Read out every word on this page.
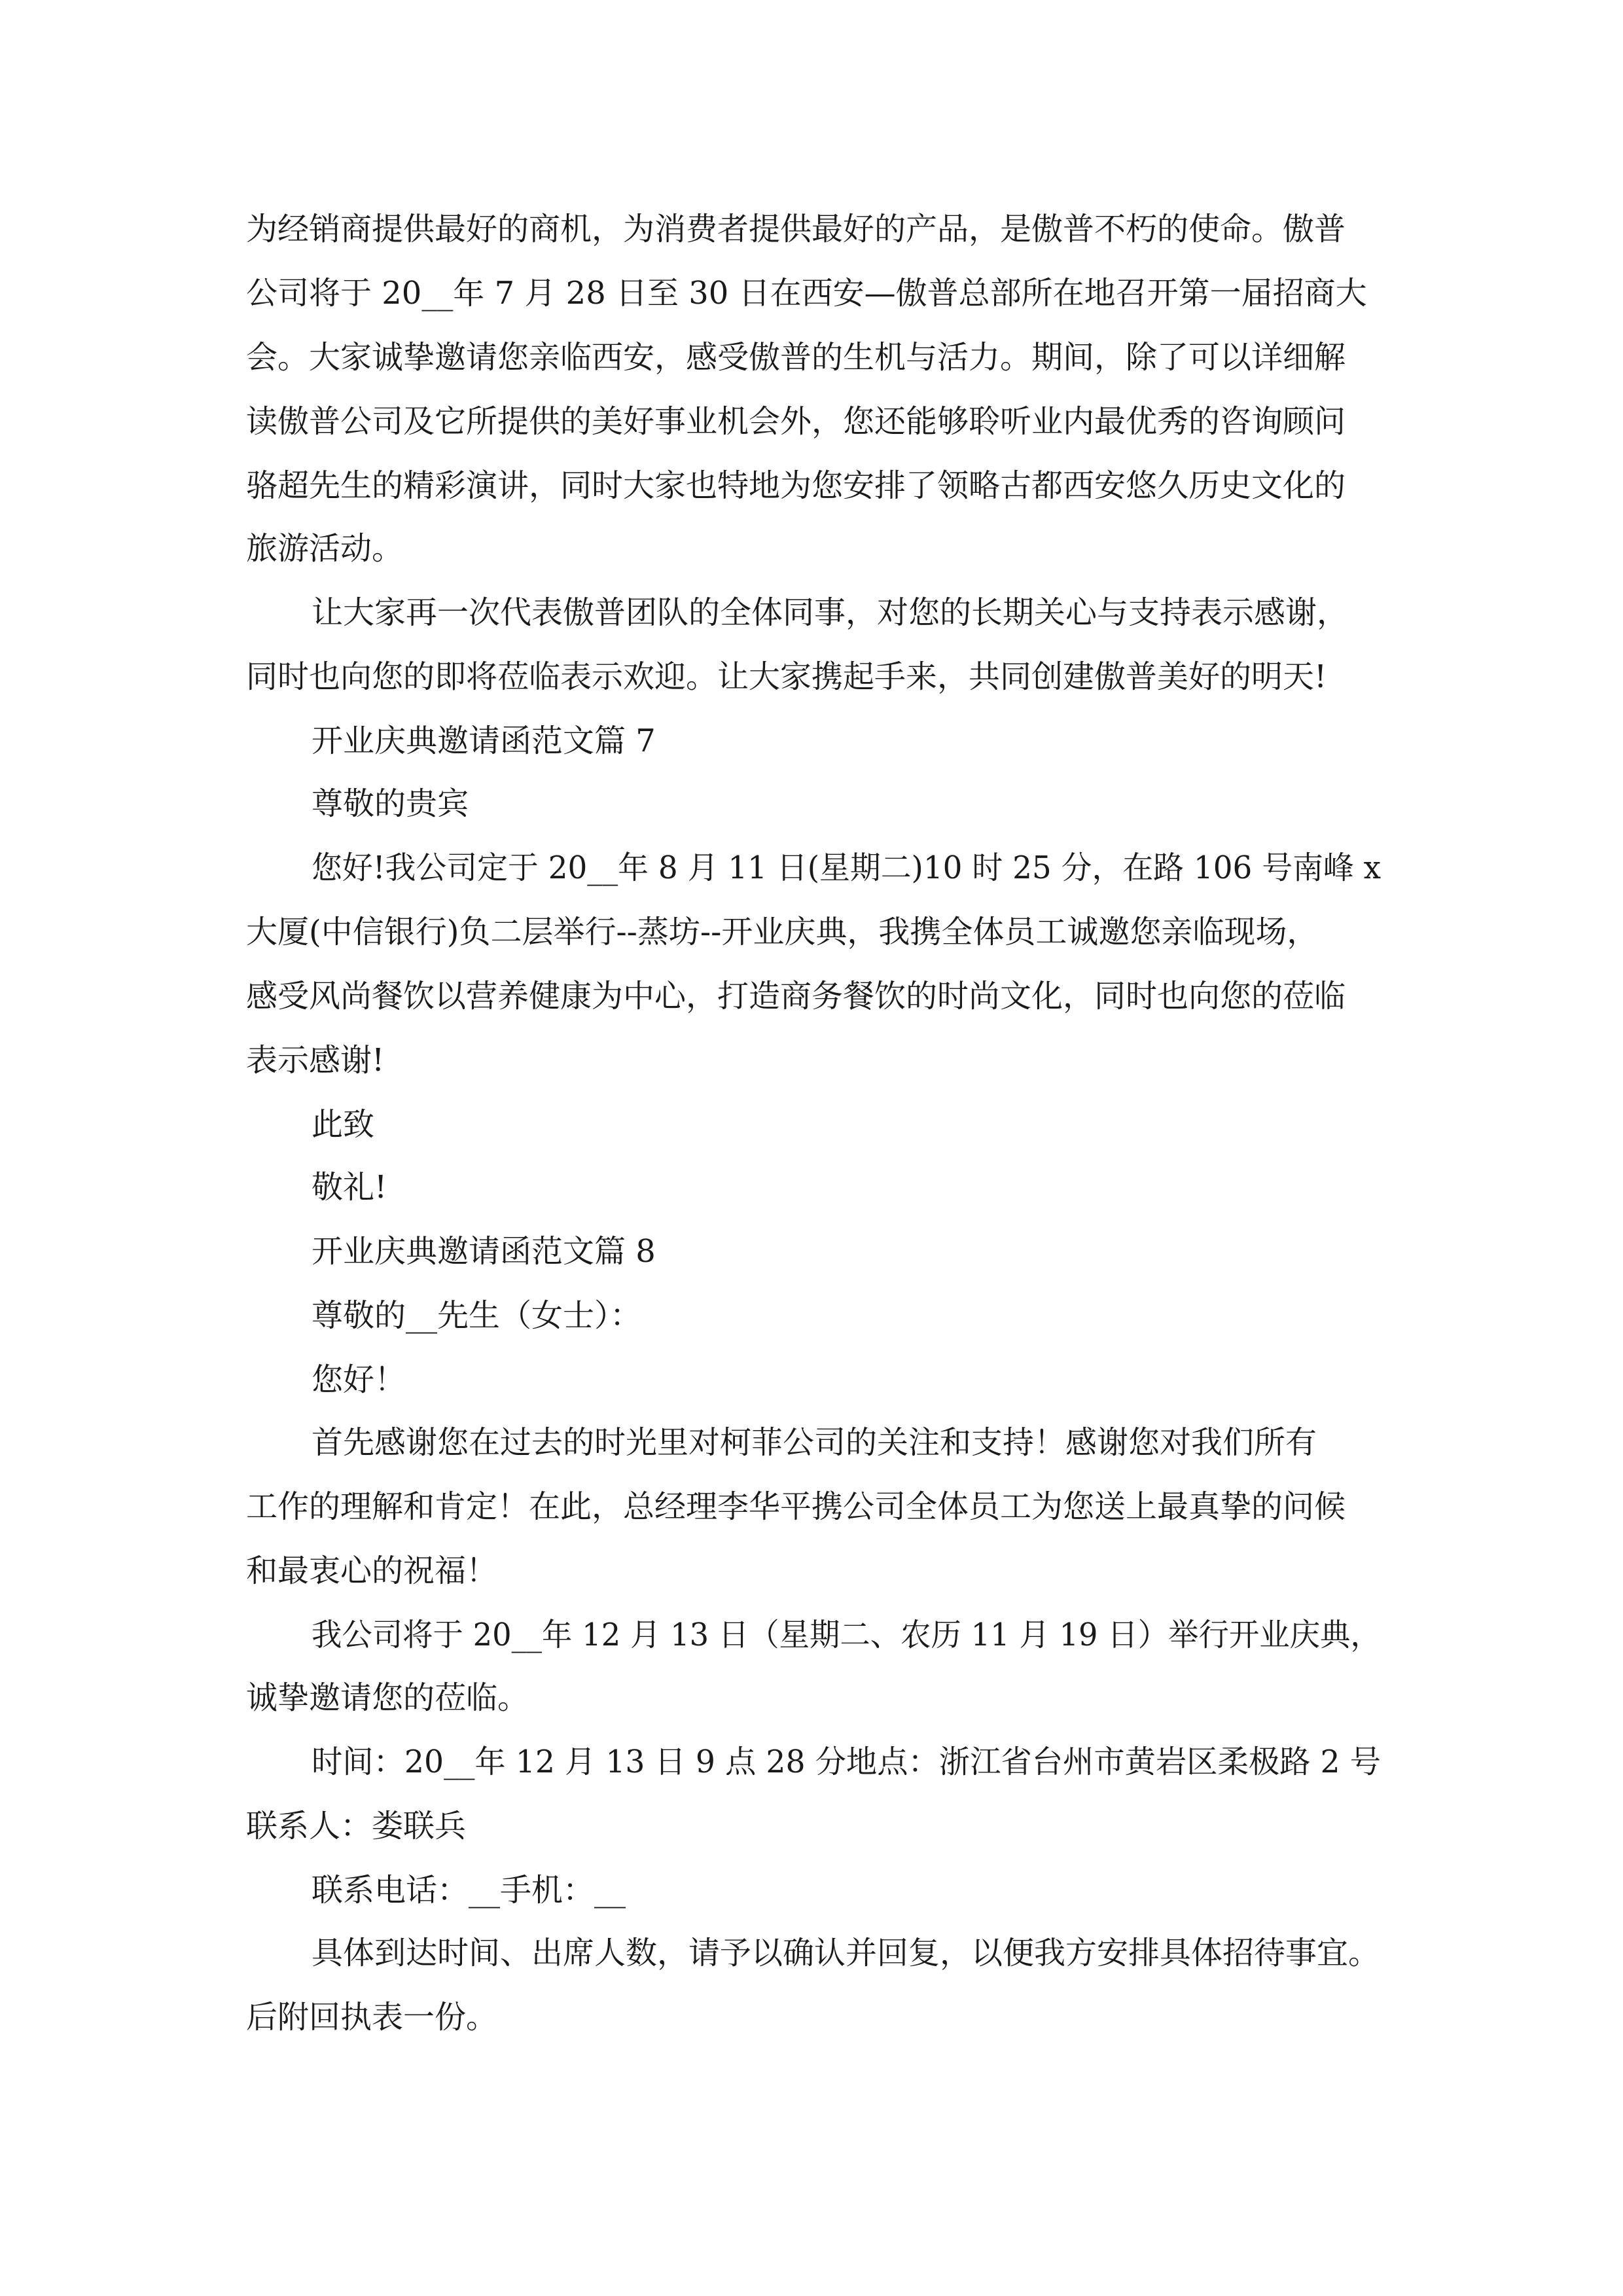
为经销商提供最好的商机，为消费者提供最好的产品，是傲普不朽的使命。傲普
公司将于 20__年 7 月 28 日至 30 日在西安—傲普总部所在地召开第一届招商大
会。大家诚挚邀请您亲临西安，感受傲普的生机与活力。期间，除了可以详细解
读傲普公司及它所提供的美好事业机会外，您还能够聆听业内最优秀的咨询顾问
骆超先生的精彩演讲，同时大家也特地为您安排了领略古都西安悠久历史文化的
旅游活动。
让大家再一次代表傲普团队的全体同事，对您的长期关心与支持表示感谢，
同时也向您的即将莅临表示欢迎。让大家携起手来，共同创建傲普美好的明天!
开业庆典邀请函范文篇 7
尊敬的贵宾
您好!我公司定于 20__年 8 月 11 日(星期二)10 时 25 分，在路 106 号南峰 x
大厦(中信银行)负二层举行--蒸坊--开业庆典，我携全体员工诚邀您亲临现场，
感受风尚餐饮以营养健康为中心，打造商务餐饮的时尚文化，同时也向您的莅临
表示感谢!
此致
敬礼!
开业庆典邀请函范文篇 8
尊敬的__先生（女士）：
您好！
首先感谢您在过去的时光里对柯菲公司的关注和支持！感谢您对我们所有
工作的理解和肯定！在此，总经理李华平携公司全体员工为您送上最真挚的问候
和最衷心的祝福！
我公司将于 20__年 12 月 13 日（星期二、农历 11 月 19 日）举行开业庆典，
诚挚邀请您的莅临。
时间：20__年 12 月 13 日 9 点 28 分地点：浙江省台州市黄岩区柔极路 2 号
联系人：娄联兵
联系电话：__手机：__
具体到达时间、出席人数，请予以确认并回复，以便我方安排具体招待事宜。
后附回执表一份。
